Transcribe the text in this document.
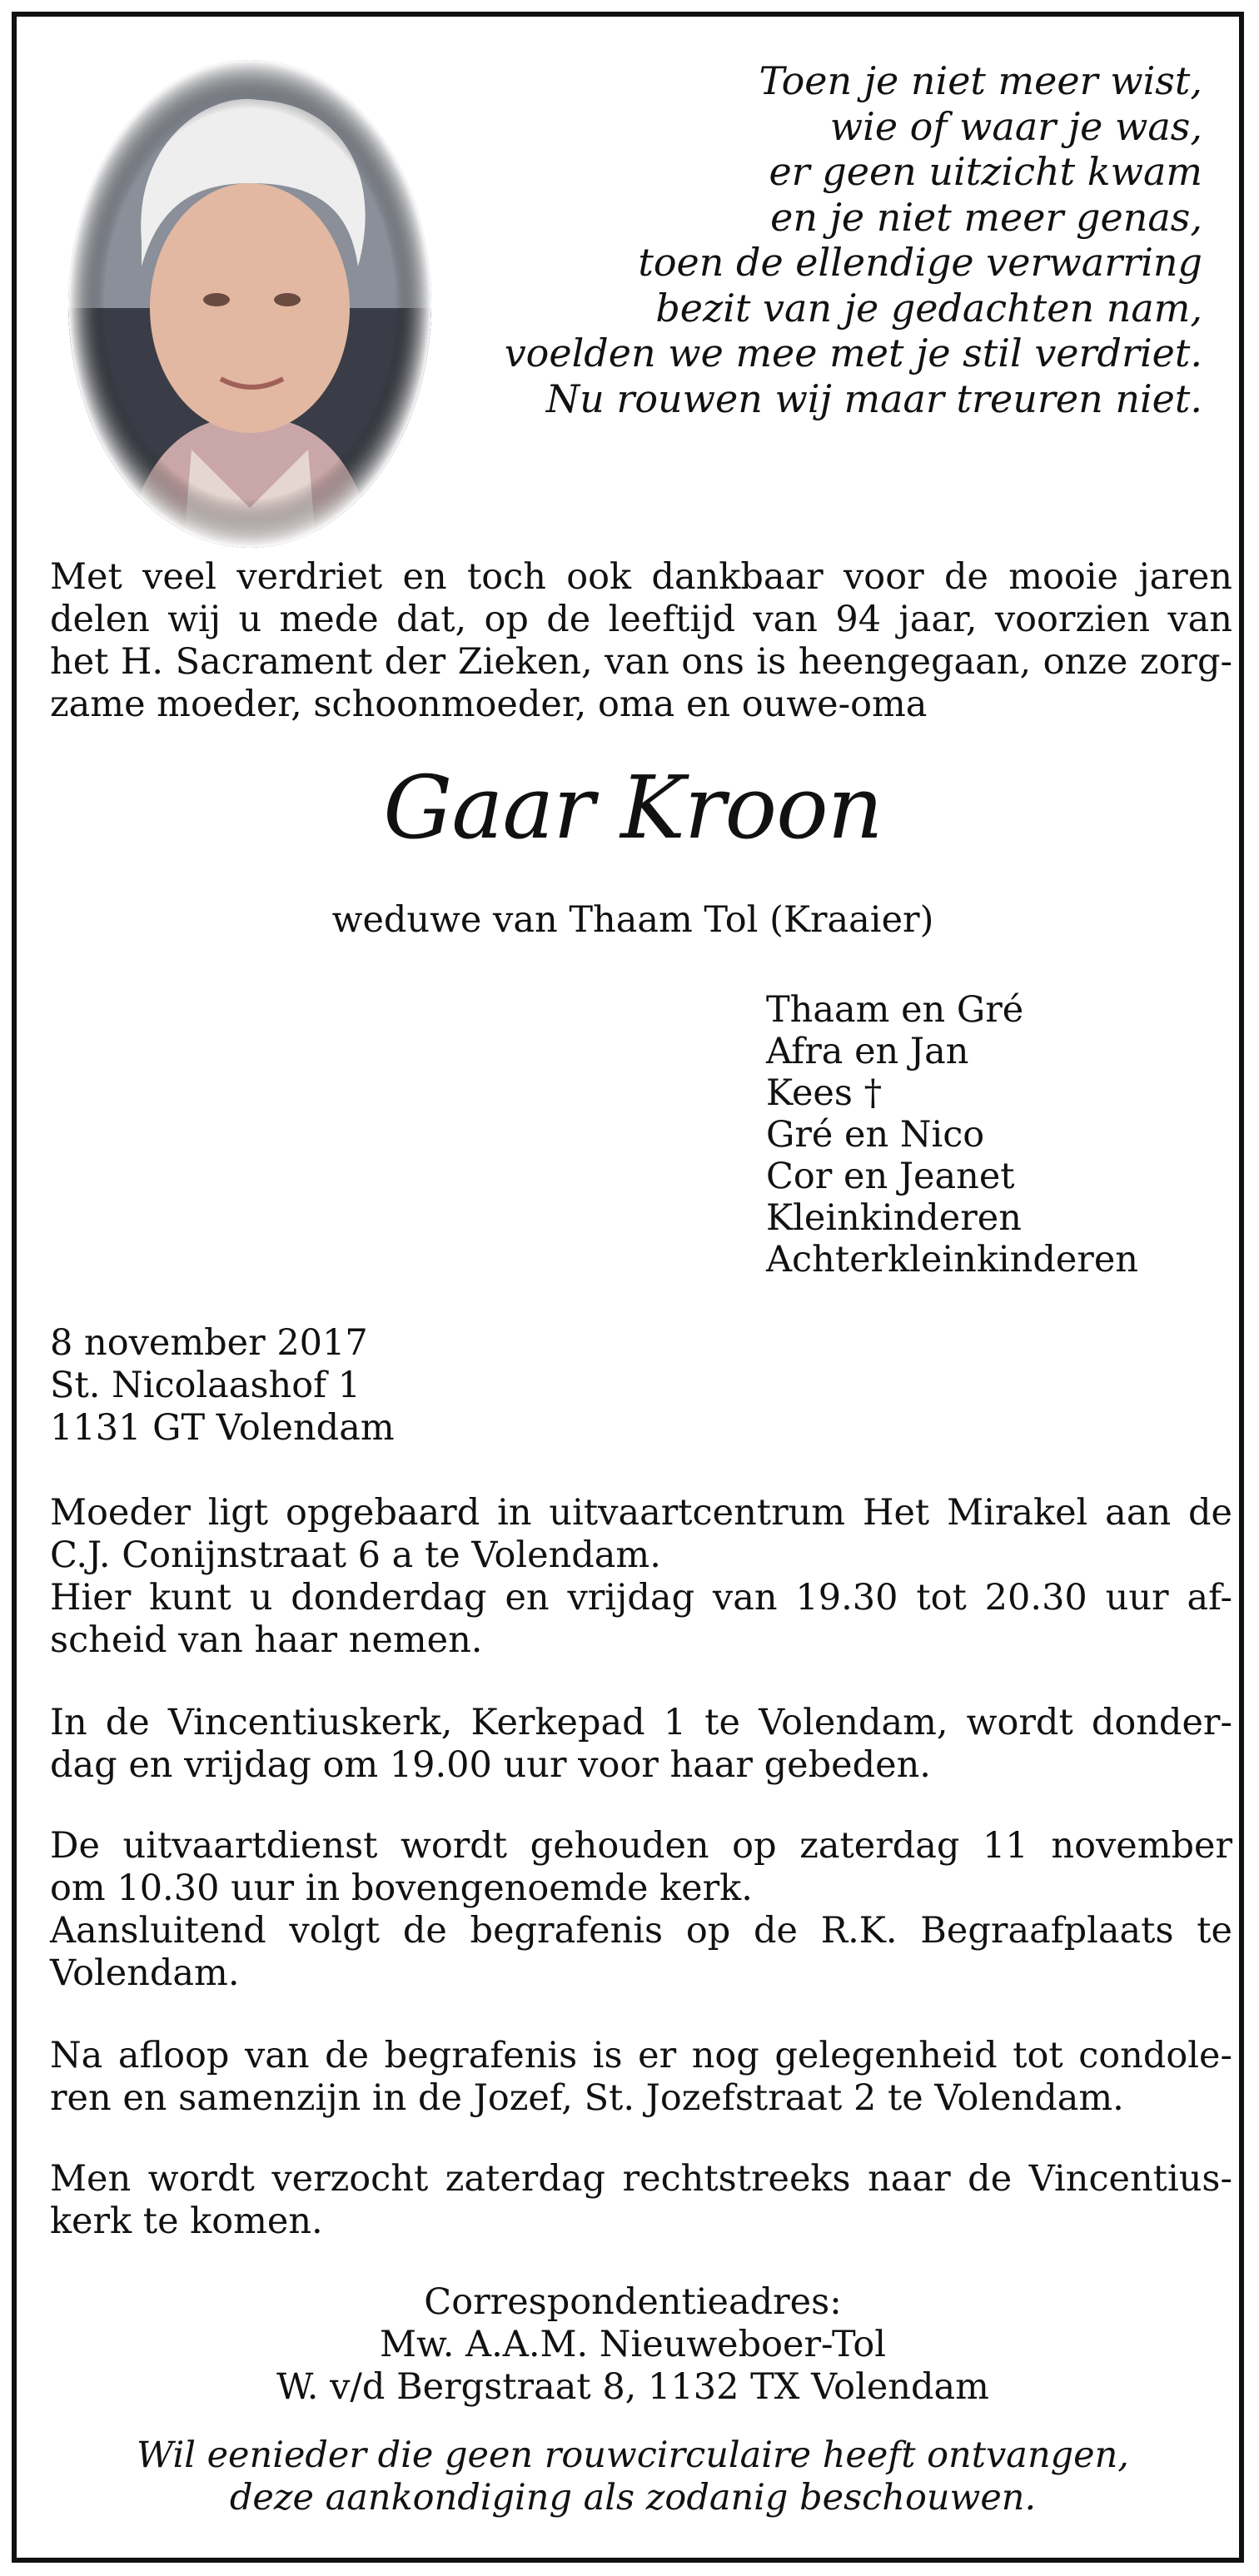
Toen je niet meer wist,
wie of waar je was,
er geen uitzicht kwam
en je niet meer genas,
toen de ellendige verwarring
bezit van je gedachten nam,
voelden we mee met je stil verdriet.
Nu rouwen wij maar treuren niet.
Met veel verdriet en toch ook dankbaar voor de mooie jaren
delen wij u mede dat, op de leeftijd van 94 jaar, voorzien van
het H. Sacrament der Zieken, van ons is heengegaan, onze zorg-
zame moeder, schoonmoeder, oma en ouwe-oma
Gaar Kroon
weduwe van Thaam Tol (Kraaier)
Thaam en Gré
Afra en Jan
Kees †
Gré en Nico
Cor en Jeanet
Kleinkinderen
Achterkleinkinderen
8 november 2017
St. Nicolaashof 1
1131 GT Volendam
Moeder ligt opgebaard in uitvaartcentrum Het Mirakel aan de
C.J. Conijnstraat 6 a te Volendam.
Hier kunt u donderdag en vrijdag van 19.30 tot 20.30 uur af-
scheid van haar nemen.
In de Vincentiuskerk, Kerkepad 1 te Volendam, wordt donder-
dag en vrijdag om 19.00 uur voor haar gebeden.
De uitvaartdienst wordt gehouden op zaterdag 11 november
om 10.30 uur in bovengenoemde kerk.
Aansluitend volgt de begrafenis op de R.K. Begraafplaats te
Volendam.
Na afloop van de begrafenis is er nog gelegenheid tot condole-
ren en samenzijn in de Jozef, St. Jozefstraat 2 te Volendam.
Men wordt verzocht zaterdag rechtstreeks naar de Vincentius-
kerk te komen.
Correspondentieadres:
Mw. A.A.M. Nieuweboer-Tol
W. v/d Bergstraat 8, 1132 TX Volendam
Wil eenieder die geen rouwcirculaire heeft ontvangen,
deze aankondiging als zodanig beschouwen.
